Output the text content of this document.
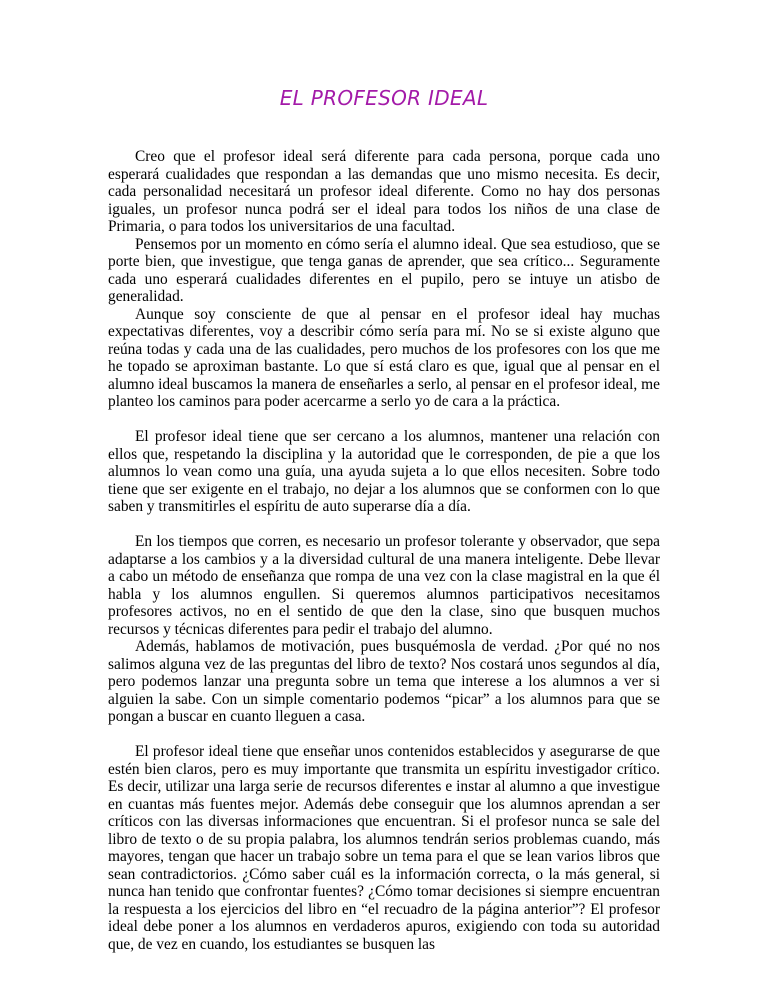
EL PROFESOR IDEAL

Creo que el profesor ideal será diferente para cada persona, porque cada uno esperará cualidades que respondan a las demandas que uno mismo necesita. Es decir, cada personalidad necesitará un profesor ideal diferente. Como no hay dos personas iguales, un profesor nunca podrá ser el ideal para todos los niños de una clase de Primaria, o para todos los universitarios de una facultad.

Pensemos por un momento en cómo sería el alumno ideal. Que sea estudioso, que se porte bien, que investigue, que tenga ganas de aprender, que sea crítico... Seguramente cada uno esperará cualidades diferentes en el pupilo, pero se intuye un atisbo de generalidad.

Aunque soy consciente de que al pensar en el profesor ideal hay muchas expectativas diferentes, voy a describir cómo sería para mí. No se si existe alguno que reúna todas y cada una de las cualidades, pero muchos de los profesores con los que me he topado se aproximan bastante. Lo que sí está claro es que, igual que al pensar en el alumno ideal buscamos la manera de enseñarles a serlo, al pensar en el profesor ideal, me planteo los caminos para poder acercarme a serlo yo de cara a la práctica.

El profesor ideal tiene que ser cercano a los alumnos, mantener una relación con ellos que, respetando la disciplina y la autoridad que le corresponden, de pie a que los alumnos lo vean como una guía, una ayuda sujeta a lo que ellos necesiten. Sobre todo tiene que ser exigente en el trabajo, no dejar a los alumnos que se conformen con lo que saben y transmitirles el espíritu de auto superarse día a día.

En los tiempos que corren, es necesario un profesor tolerante y observador, que sepa adaptarse a los cambios y a la diversidad cultural de una manera inteligente. Debe llevar a cabo un método de enseñanza que rompa de una vez con la clase magistral en la que él habla y los alumnos engullen. Si queremos alumnos participativos necesitamos profesores activos, no en el sentido de que den la clase, sino que busquen muchos recursos y técnicas diferentes para pedir el trabajo del alumno.

Además, hablamos de motivación, pues busquémosla de verdad. ¿Por qué no nos salimos alguna vez de las preguntas del libro de texto? Nos costará unos segundos al día, pero podemos lanzar una pregunta sobre un tema que interese a los alumnos a ver si alguien la sabe. Con un simple comentario podemos “picar” a los alumnos para que se pongan a buscar en cuanto lleguen a casa.

El profesor ideal tiene que enseñar unos contenidos establecidos y asegurarse de que estén bien claros, pero es muy importante que transmita un espíritu investigador crítico. Es decir, utilizar una larga serie de recursos diferentes e instar al alumno a que investigue en cuantas más fuentes mejor. Además debe conseguir que los alumnos aprendan a ser críticos con las diversas informaciones que encuentran. Si el profesor nunca se sale del libro de texto o de su propia palabra, los alumnos tendrán serios problemas cuando, más mayores, tengan que hacer un trabajo sobre un tema para el que se lean varios libros que sean contradictorios. ¿Cómo saber cuál es la información correcta, o la más general, si nunca han tenido que confrontar fuentes? ¿Cómo tomar decisiones si siempre encuentran la respuesta a los ejercicios del libro en “el recuadro de la página anterior”? El profesor ideal debe poner a los alumnos en verdaderos apuros, exigiendo con toda su autoridad que, de vez en cuando, los estudiantes se busquen las
